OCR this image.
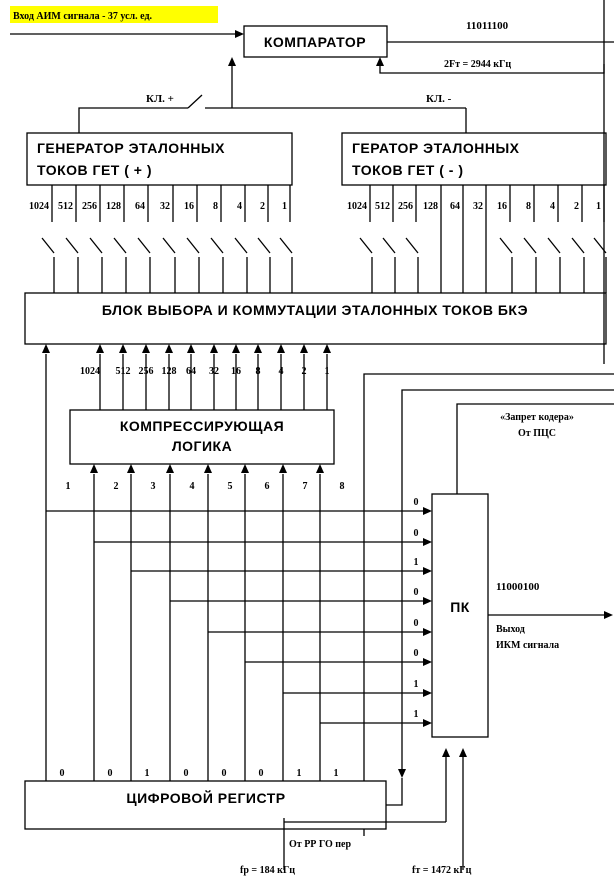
Вход АИМ сигнала - 37 усл. ед.
КОМПАРАТОР
11011100
2Fт = 2944 кГц
КЛ. +	КЛ. -
ГЕНЕРАТОР ЭТАЛОННЫХ
ТОКОВ ГЕТ ( + )
ГЕРАТОР ЭТАЛОННЫХ
ТОКОВ ГЕТ ( - )
1024 512 256 128 64 32 16 8 4 2 1	1024 512 256 128 64 32 16 8 4 2 1
БЛОК ВЫБОРА И КОММУТАЦИИ ЭТАЛОННЫХ ТОКОВ БКЭ
1024 512 256 128 64 32 16 8 4 2 1
КОМПРЕССИРУЮЩАЯ
ЛОГИКА
1
0
0
2
0
0
3
1
1
4
0
0
5
0
0
6
0
0
7
1
1
8
1
1
ПК
11000100
«Запрет кодера»
От ПЦС
Выход
ИКМ сигнала
ЦИФРОВОЙ РЕГИСТР
От РР ГО пер
fp = 184 кГц	fт = 1472 кГц
